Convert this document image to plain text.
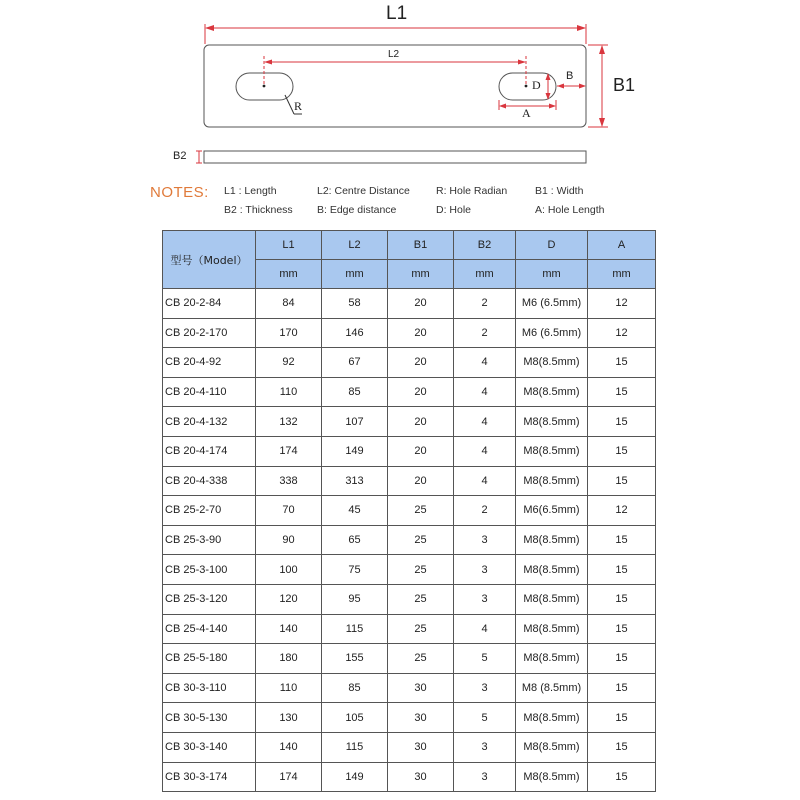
L1
L2
B1
B
D
A
R
B2
NOTES: L1 : Length	L2: Centre Distance R: Hole Radian	B1 : Width
B2 : Thickness B: Edge distance	D: Hole	A: Hole Length
型号（Model）	L1	L2	B1	B2	D	A
	mm	mm	mm	mm	mm	mm
CB 20-2-84	84	58	20	2	M6 (6.5mm)	12
CB 20-2-170	170	146	20	2	M6 (6.5mm)	12
CB 20-4-92	92	67	20	4	M8(8.5mm)	15
CB 20-4-110	110	85	20	4	M8(8.5mm)	15
CB 20-4-132	132	107	20	4	M8(8.5mm)	15
CB 20-4-174	174	149	20	4	M8(8.5mm)	15
CB 20-4-338	338	313	20	4	M8(8.5mm)	15
CB 25-2-70	70	45	25	2	M6(6.5mm)	12
CB 25-3-90	90	65	25	3	M8(8.5mm)	15
CB 25-3-100	100	75	25	3	M8(8.5mm)	15
CB 25-3-120	120	95	25	3	M8(8.5mm)	15
CB 25-4-140	140	115	25	4	M8(8.5mm)	15
CB 25-5-180	180	155	25	5	M8(8.5mm)	15
CB 30-3-110	110	85	30	3	M8 (8.5mm)	15
CB 30-5-130	130	105	30	5	M8(8.5mm)	15
CB 30-3-140	140	115	30	3	M8(8.5mm)	15
CB 30-3-174	174	149	30	3	M8(8.5mm)	15
